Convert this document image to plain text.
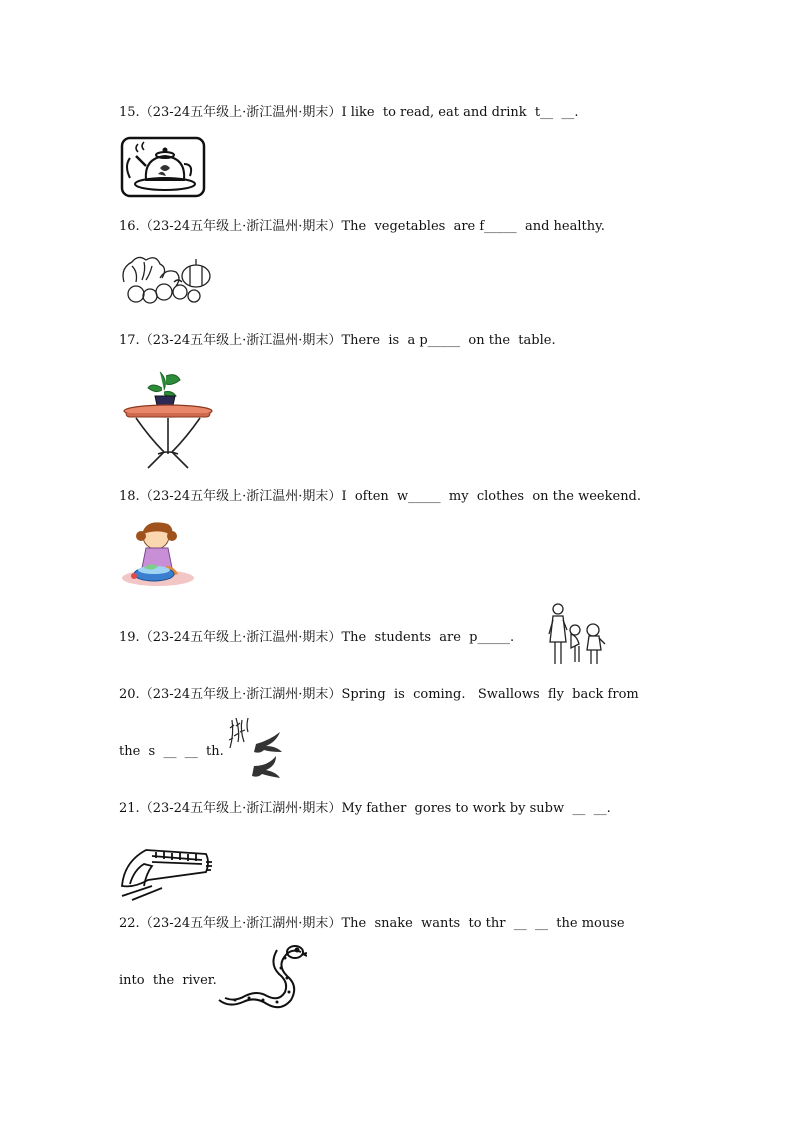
15.（23-24五年级上·浙江温州·期末）I like  to read, eat and drink  t__  __.
16.（23-24五年级上·浙江温州·期末）The  vegetables  are f_____  and healthy.
17.（23-24五年级上·浙江温州·期末）There  is  a p_____  on the  table.
18.（23-24五年级上·浙江温州·期末）I  often  w_____  my  clothes  on the weekend.
19.（23-24五年级上·浙江温州·期末）The  students  are  p_____.
20.（23-24五年级上·浙江湖州·期末）Spring  is  coming.   Swallows  fly  back from
the  s  __  __  th.
21.（23-24五年级上·浙江湖州·期末）My father  gores to work by subw  __  __.
22.（23-24五年级上·浙江湖州·期末）The  snake  wants  to thr  __  __  the mouse
into  the  river.
